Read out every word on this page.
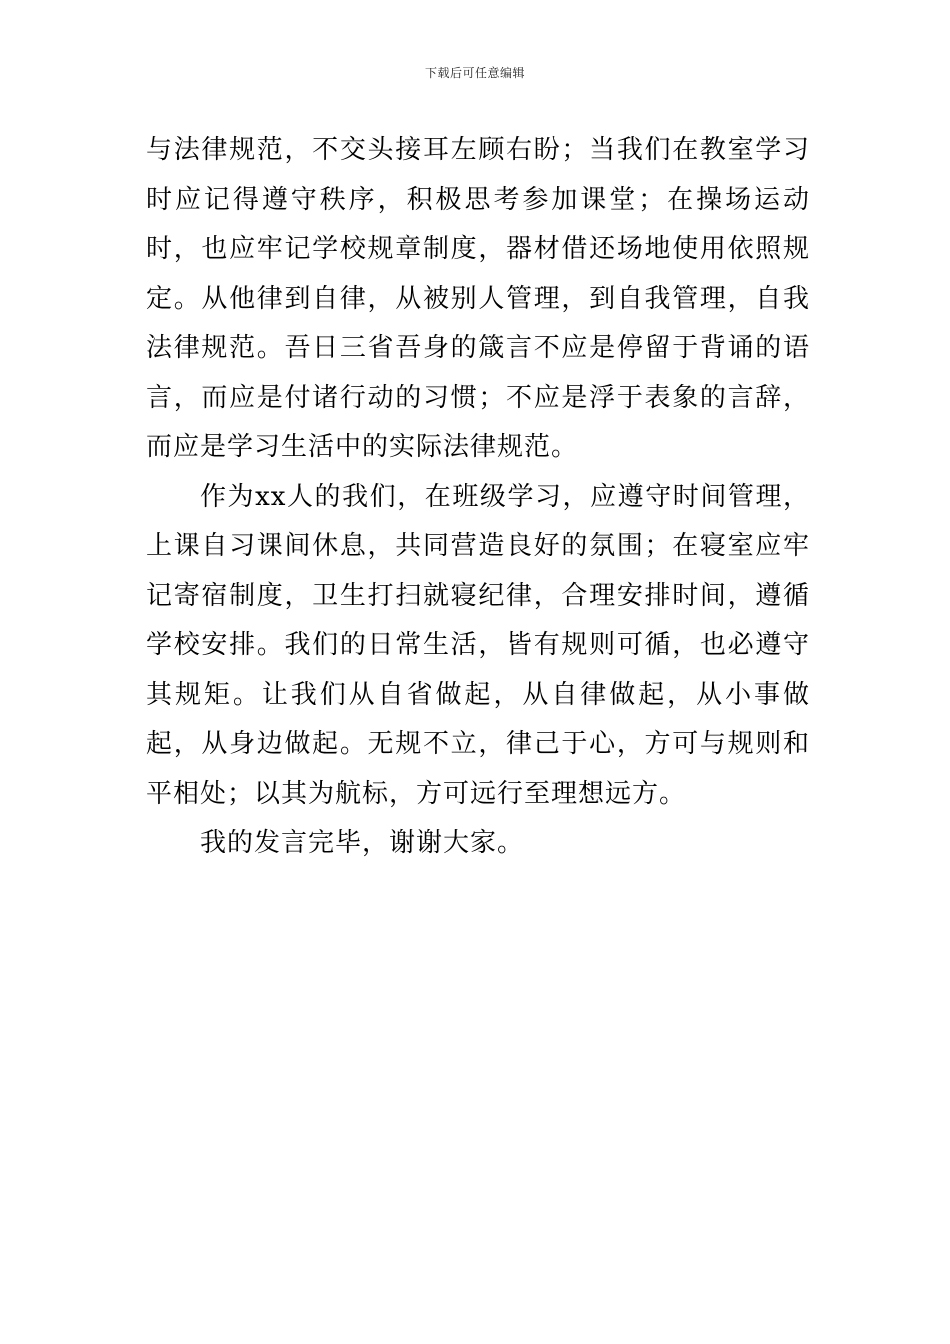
下载后可任意编辑

与法律规范，不交头接耳左顾右盼；当我们在教室学习时应记得遵守秩序，积极思考参加课堂；在操场运动时，也应牢记学校规章制度，器材借还场地使用依照规定。从他律到自律，从被别人管理，到自我管理，自我法律规范。吾日三省吾身的箴言不应是停留于背诵的语言，而应是付诸行动的习惯；不应是浮于表象的言辞，而应是学习生活中的实际法律规范。

作为xx人的我们，在班级学习，应遵守时间管理，上课自习课间休息，共同营造良好的氛围；在寝室应牢记寄宿制度，卫生打扫就寝纪律，合理安排时间，遵循学校安排。我们的日常生活，皆有规则可循，也必遵守其规矩。让我们从自省做起，从自律做起，从小事做起，从身边做起。无规不立，律己于心，方可与规则和平相处；以其为航标，方可远行至理想远方。

我的发言完毕，谢谢大家。
